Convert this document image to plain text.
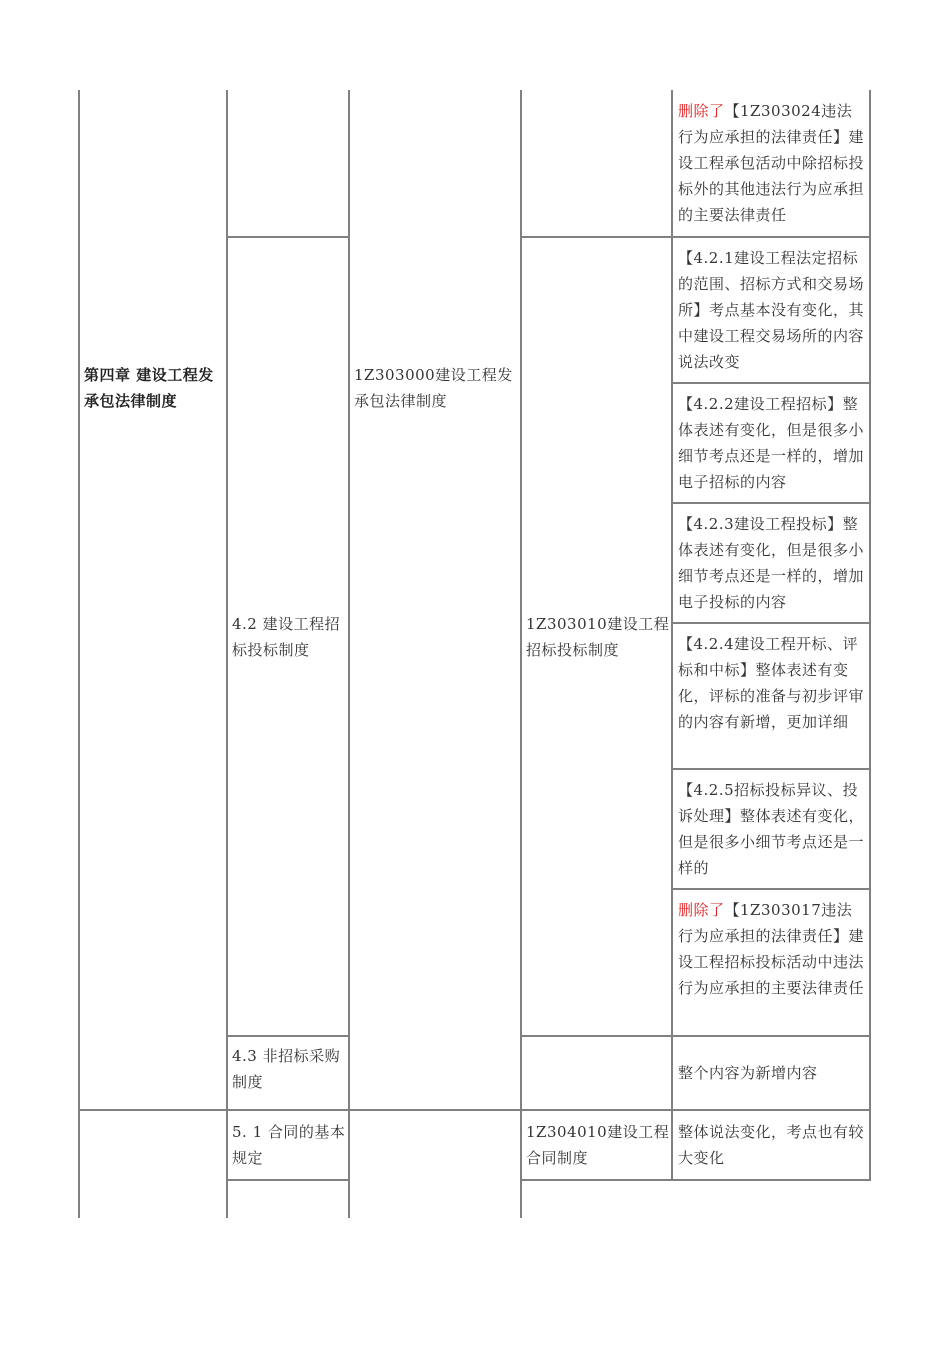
第四章 建设工程发承包法律制度
1Z303000建设工程发承包法律制度
删除了【1Z303024违法行为应承担的法律责任】建设工程承包活动中除招标投标外的其他违法行为应承担的主要法律责任
4.2 建设工程招标投标制度
1Z303010建设工程招标投标制度
【4.2.1建设工程法定招标的范围、招标方式和交易场所】考点基本没有变化，其中建设工程交易场所的内容说法改变
【4.2.2建设工程招标】整体表述有变化，但是很多小细节考点还是一样的，增加电子招标的内容
【4.2.3建设工程投标】整体表述有变化，但是很多小细节考点还是一样的，增加电子投标的内容
【4.2.4建设工程开标、评标和中标】整体表述有变化，评标的准备与初步评审的内容有新增，更加详细
【4.2.5招标投标异议、投诉处理】整体表述有变化，但是很多小细节考点还是一样的
删除了【1Z303017违法行为应承担的法律责任】建设工程招标投标活动中违法行为应承担的主要法律责任
4.3 非招标采购制度	整个内容为新增内容
5. 1 合同的基本规定
1Z304010建设工程合同制度
整体说法变化，考点也有较大变化
